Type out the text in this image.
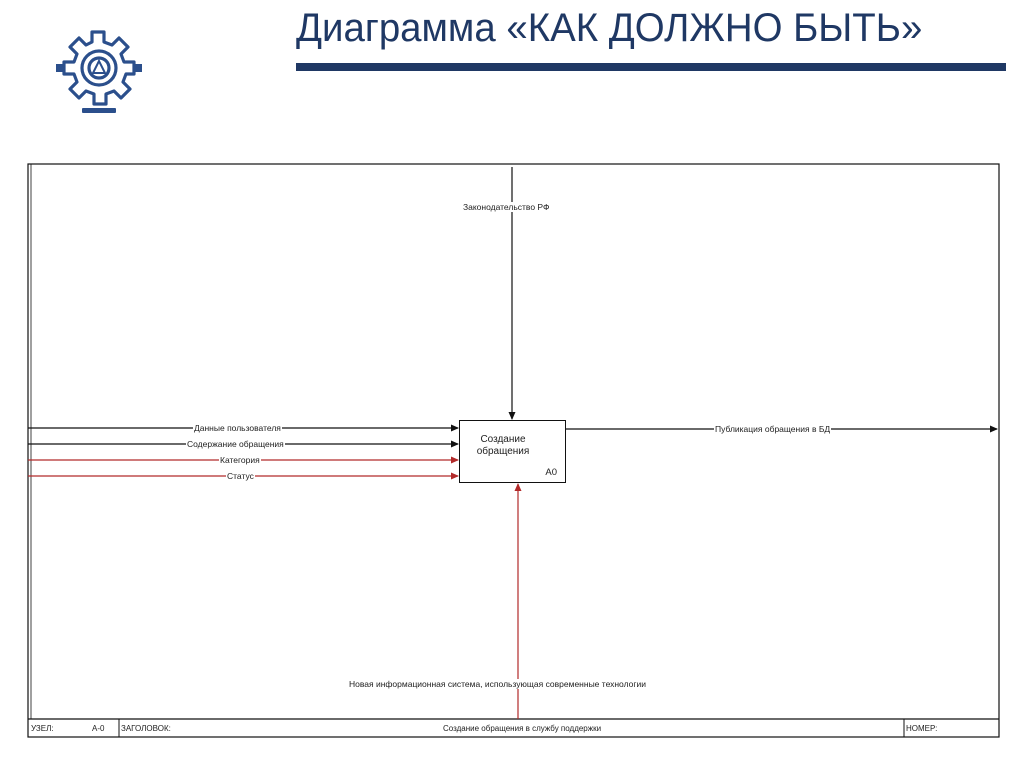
Диаграмма «КАК ДОЛЖНО БЫТЬ»
Создание обращения
A0
Законодательство РФ
Данные пользователя
Содержание обращения
Категория
Статус
Публикация обращения в БД
Новая информационная система, использующая современные технологии
УЗЕЛ:	A-0 ЗАГОЛОВОК:	Создание обращения в службу поддержки	НОМЕР:
